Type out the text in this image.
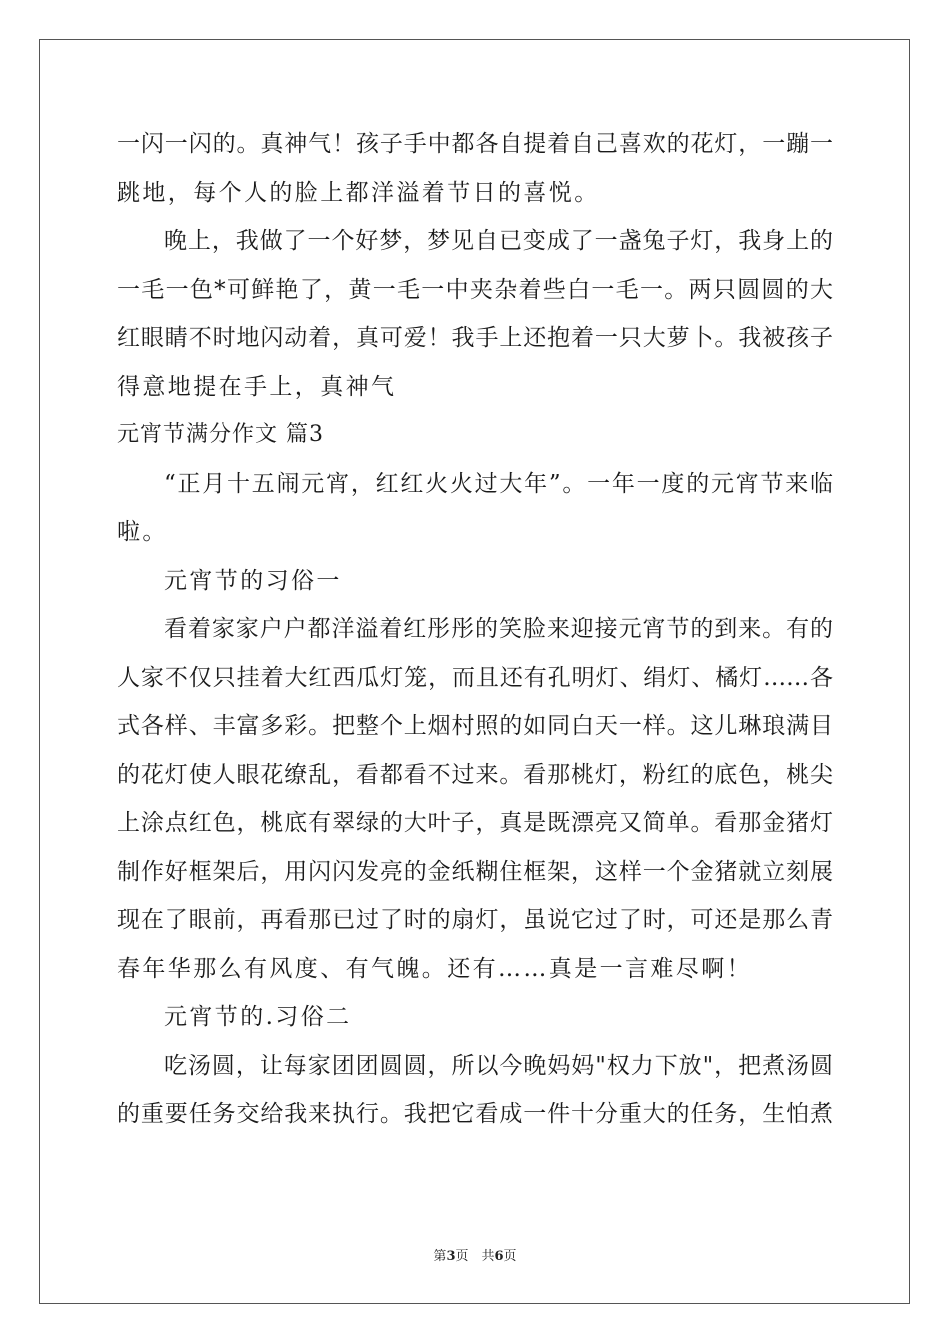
一闪一闪的。真神气！孩子手中都各自提着自己喜欢的花灯，一蹦一
跳地，每个人的脸上都洋溢着节日的喜悦。
晚上，我做了一个好梦，梦见自已变成了一盏兔子灯，我身上的
一毛一色*可鲜艳了，黄一毛一中夹杂着些白一毛一。两只圆圆的大
红眼睛不时地闪动着，真可爱！我手上还抱着一只大萝卜。我被孩子
得意地提在手上，真神气
元宵节满分作文 篇3
“正月十五闹元宵，红红火火过大年”。一年一度的元宵节来临
啦。
元宵节的习俗一
看着家家户户都洋溢着红彤彤的笑脸来迎接元宵节的到来。有的
人家不仅只挂着大红西瓜灯笼，而且还有孔明灯、绢灯、橘灯……各
式各样、丰富多彩。把整个上烟村照的如同白天一样。这儿琳琅满目
的花灯使人眼花缭乱，看都看不过来。看那桃灯，粉红的底色，桃尖
上涂点红色，桃底有翠绿的大叶子，真是既漂亮又简单。看那金猪灯
制作好框架后，用闪闪发亮的金纸糊住框架，这样一个金猪就立刻展
现在了眼前，再看那已过了时的扇灯，虽说它过了时，可还是那么青
春年华那么有风度、有气魄。还有……真是一言难尽啊！
元宵节的.习俗二
吃汤圆，让每家团团圆圆，所以今晚妈妈"权力下放"，把煮汤圆
的重要任务交给我来执行。我把它看成一件十分重大的任务，生怕煮
第3页　共6页
